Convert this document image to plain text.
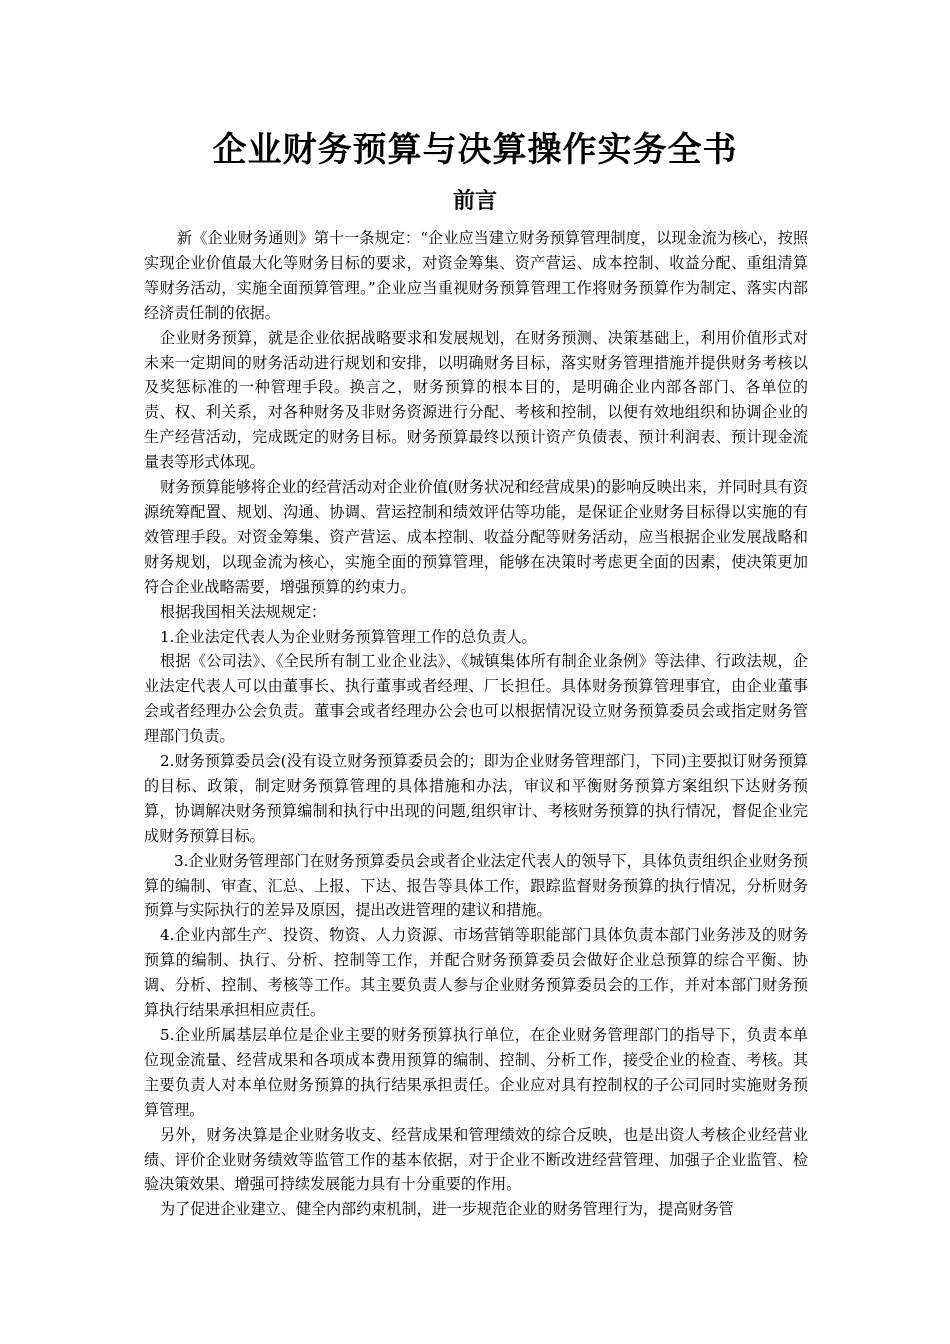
企业财务预算与决算操作实务全书
前言

新《企业财务通则》第十一条规定：“企业应当建立财务预算管理制度，以现金流为核心，按照实现企业价值最大化等财务目标的要求，对资金筹集、资产营运、成本控制、收益分配、重组清算等财务活动，实施全面预算管理。”企业应当重视财务预算管理工作将财务预算作为制定、落实内部经济责任制的依据。

企业财务预算，就是企业依据战略要求和发展规划，在财务预测、决策基础上，利用价值形式对未来一定期间的财务活动进行规划和安排，以明确财务目标，落实财务管理措施并提供财务考核以及奖惩标准的一种管理手段。换言之，财务预算的根本目的，是明确企业内部各部门、各单位的责、权、利关系，对各种财务及非财务资源进行分配、考核和控制，以便有效地组织和协调企业的生产经营活动，完成既定的财务目标。财务预算最终以预计资产负债表、预计利润表、预计现金流量表等形式体现。

财务预算能够将企业的经营活动对企业价值(财务状况和经营成果)的影响反映出来，并同时具有资源统筹配置、规划、沟通、协调、营运控制和绩效评估等功能，是保证企业财务目标得以实施的有效管理手段。对资金筹集、资产营运、成本控制、收益分配等财务活动，应当根据企业发展战略和财务规划，以现金流为核心，实施全面的预算管理，能够在决策时考虑更全面的因素，使决策更加符合企业战略需要，增强预算的约束力。

根据我国相关法规规定：

1.企业法定代表人为企业财务预算管理工作的总负责人。

根据《公司法》、《全民所有制工业企业法》、《城镇集体所有制企业条例》等法律、行政法规，企业法定代表人可以由董事长、执行董事或者经理、厂长担任。具体财务预算管理事宜，由企业董事会或者经理办公会负责。董事会或者经理办公会也可以根据情况设立财务预算委员会或指定财务管理部门负责。

2.财务预算委员会(没有设立财务预算委员会的；即为企业财务管理部门，下同)主要拟订财务预算的目标、政策，制定财务预算管理的具体措施和办法，审议和平衡财务预算方案组织下达财务预算，协调解决财务预算编制和执行中出现的问题,组织审计、考核财务预算的执行情况，督促企业完成财务预算目标。

3.企业财务管理部门在财务预算委员会或者企业法定代表人的领导下，具体负责组织企业财务预算的编制、审查、汇总、上报、下达、报告等具体工作，跟踪监督财务预算的执行情况，分析财务预算与实际执行的差异及原因，提出改进管理的建议和措施。

4.企业内部生产、投资、物资、人力资源、市场营销等职能部门具体负责本部门业务涉及的财务预算的编制、执行、分析、控制等工作，并配合财务预算委员会做好企业总预算的综合平衡、协调、分析、控制、考核等工作。其主要负责人参与企业财务预算委员会的工作，并对本部门财务预算执行结果承担相应责任。

5.企业所属基层单位是企业主要的财务预算执行单位，在企业财务管理部门的指导下，负责本单位现金流量、经营成果和各项成本费用预算的编制、控制、分析工作，接受企业的检查、考核。其主要负责人对本单位财务预算的执行结果承担责任。企业应对具有控制权的子公司同时实施财务预算管理。

另外，财务决算是企业财务收支、经营成果和管理绩效的综合反映，也是出资人考核企业经营业绩、评价企业财务绩效等监管工作的基本依据，对于企业不断改进经营管理、加强子企业监管、检验决策效果、增强可持续发展能力具有十分重要的作用。

为了促进企业建立、健全内部约束机制，进一步规范企业的财务管理行为，提高财务管
